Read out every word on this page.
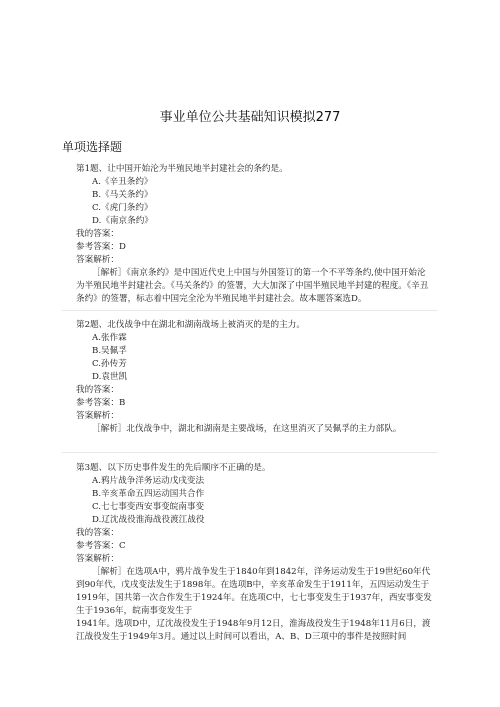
事业单位公共基础知识模拟277
单项选择题
第1题、让中国开始沦为半殖民地半封建社会的条约是。
A.《辛丑条约》
B.《马关条约》
C.《虎门条约》
D.《南京条约》
我的答案：
参考答案：D
答案解析：
［解析］《南京条约》是中国近代史上中国与外国签订的第一个不平等条约,使中国开始沦为半殖民地半封建社会。《马关条约》的签署，大大加深了中国半殖民地半封建的程度。《辛丑条约》的签署，标志着中国完全沦为半殖民地半封建社会。故本题答案选D。
第2题、北伐战争中在湖北和湖南战场上被消灭的是的主力。
A.张作霖
B.吴佩孚
C.孙传芳
D.袁世凯
我的答案：
参考答案：B
答案解析：
［解析］北伐战争中，湖北和湖南是主要战场，在这里消灭了吴佩孚的主力部队。
第3题、以下历史事件发生的先后顺序不正确的是。
A.鸦片战争洋务运动戊戌变法
B.辛亥革命五四运动国共合作
C.七七事变西安事变皖南事变
D.辽沈战役淮海战役渡江战役
我的答案：
参考答案：C
答案解析：
［解析］在选项A中，鸦片战争发生于1840年到1842年，洋务运动发生于19世纪60年代到90年代，戊戌变法发生于1898年。在选项B中，辛亥革命发生于1911年，五四运动发生于1919年，国共第一次合作发生于1924年。在选项C中，七七事变发生于1937年，西安事变发生于1936年，皖南事变发生于
1941年。选项D中，辽沈战役发生于1948年9月12日，淮海战役发生于1948年11月6日，渡江战役发生于1949年3月。通过以上时间可以看出，A、B、D三项中的事件是按照时间
